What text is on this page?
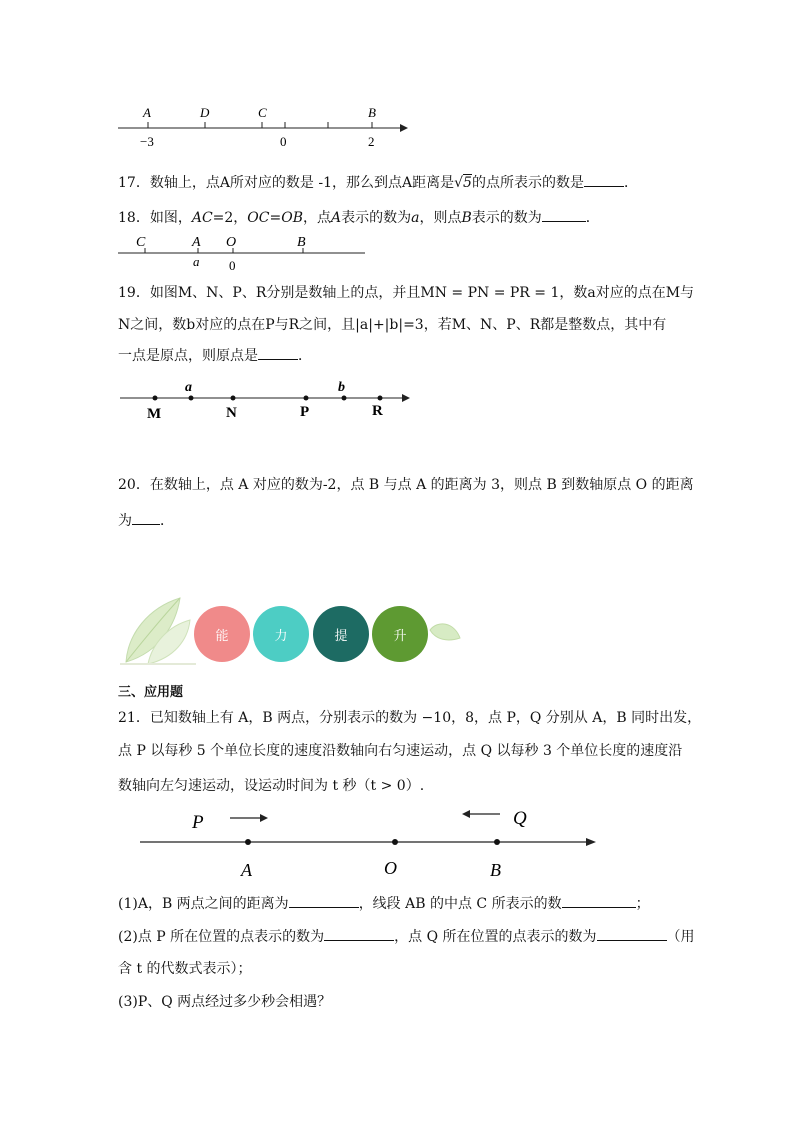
A	D	C	B
−3	0	2
17．数轴上，点A所对应的数是 -1，那么到点A距离是√5的点所表示的数是	．
18．如图，AC=2，OC=OB，点A表示的数为a，则点B表示的数为	．
C	A O	B
a 0
19．如图M、N、P、R分别是数轴上的点，并且MN = PN = PR = 1，数a对应的点在M与
N之间，数b对应的点在P与R之间，且|a|+|b|=3，若M、N、P、R都是整数点，其中有
一点是原点，则原点是	．
a	b
M	N	P	R
20．在数轴上，点 A 对应的数为-2，点 B 与点 A 的距离为 3，则点 B 到数轴原点 O 的距离
为 ．
能	力	提	升
三、应用题
21．已知数轴上有 A，B 两点，分别表示的数为 −10，8，点 P，Q 分别从 A，B 同时出发，
点 P 以每秒 5 个单位长度的速度沿数轴向右匀速运动，点 Q 以每秒 3 个单位长度的速度沿
数轴向左匀速运动，设运动时间为 t 秒（t > 0）.
P	Q
A	O	B
(1)A，B 两点之间的距离为	，线段 AB 的中点 C 所表示的数	；
(2)点 P 所在位置的点表示的数为	，点 Q 所在位置的点表示的数为	（用
含 t 的代数式表示）；
(3)P、Q 两点经过多少秒会相遇？
